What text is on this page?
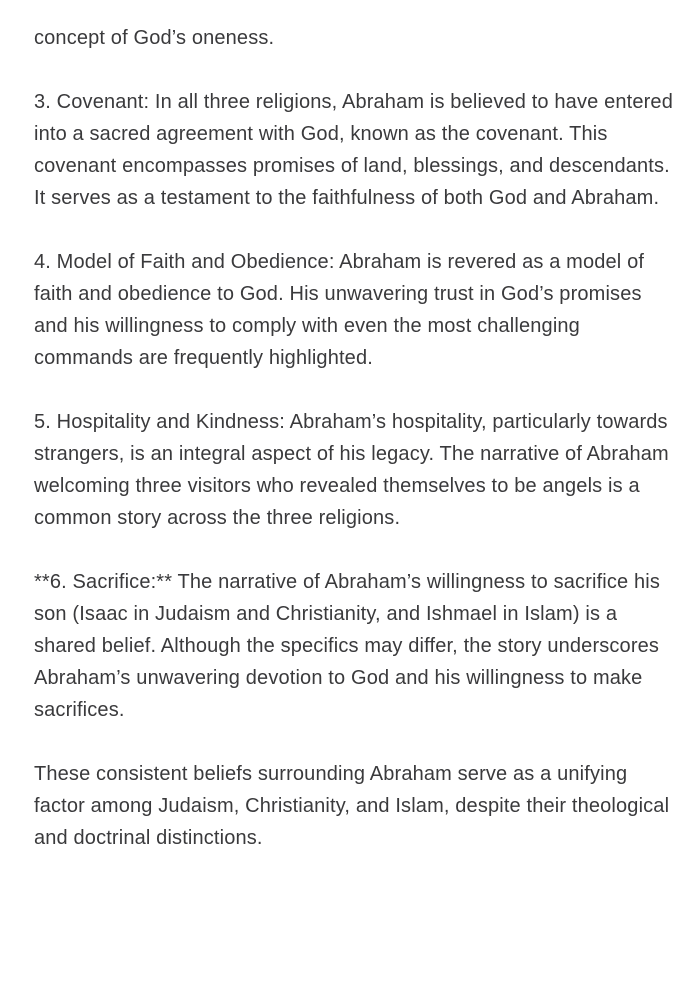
concept of God’s oneness.

3. Covenant: In all three religions, Abraham is believed to have entered into a sacred agreement with God, known as the covenant. This covenant encompasses promises of land, blessings, and descendants. It serves as a testament to the faithfulness of both God and Abraham.

4. Model of Faith and Obedience: Abraham is revered as a model of faith and obedience to God. His unwavering trust in God’s promises and his willingness to comply with even the most challenging commands are frequently highlighted.

5. Hospitality and Kindness: Abraham’s hospitality, particularly towards strangers, is an integral aspect of his legacy. The narrative of Abraham welcoming three visitors who revealed themselves to be angels is a common story across the three religions.

**6. Sacrifice:** The narrative of Abraham’s willingness to sacrifice his son (Isaac in Judaism and Christianity, and Ishmael in Islam) is a shared belief. Although the specifics may differ, the story underscores Abraham’s unwavering devotion to God and his willingness to make sacrifices.

These consistent beliefs surrounding Abraham serve as a unifying factor among Judaism, Christianity, and Islam, despite their theological and doctrinal distinctions.
